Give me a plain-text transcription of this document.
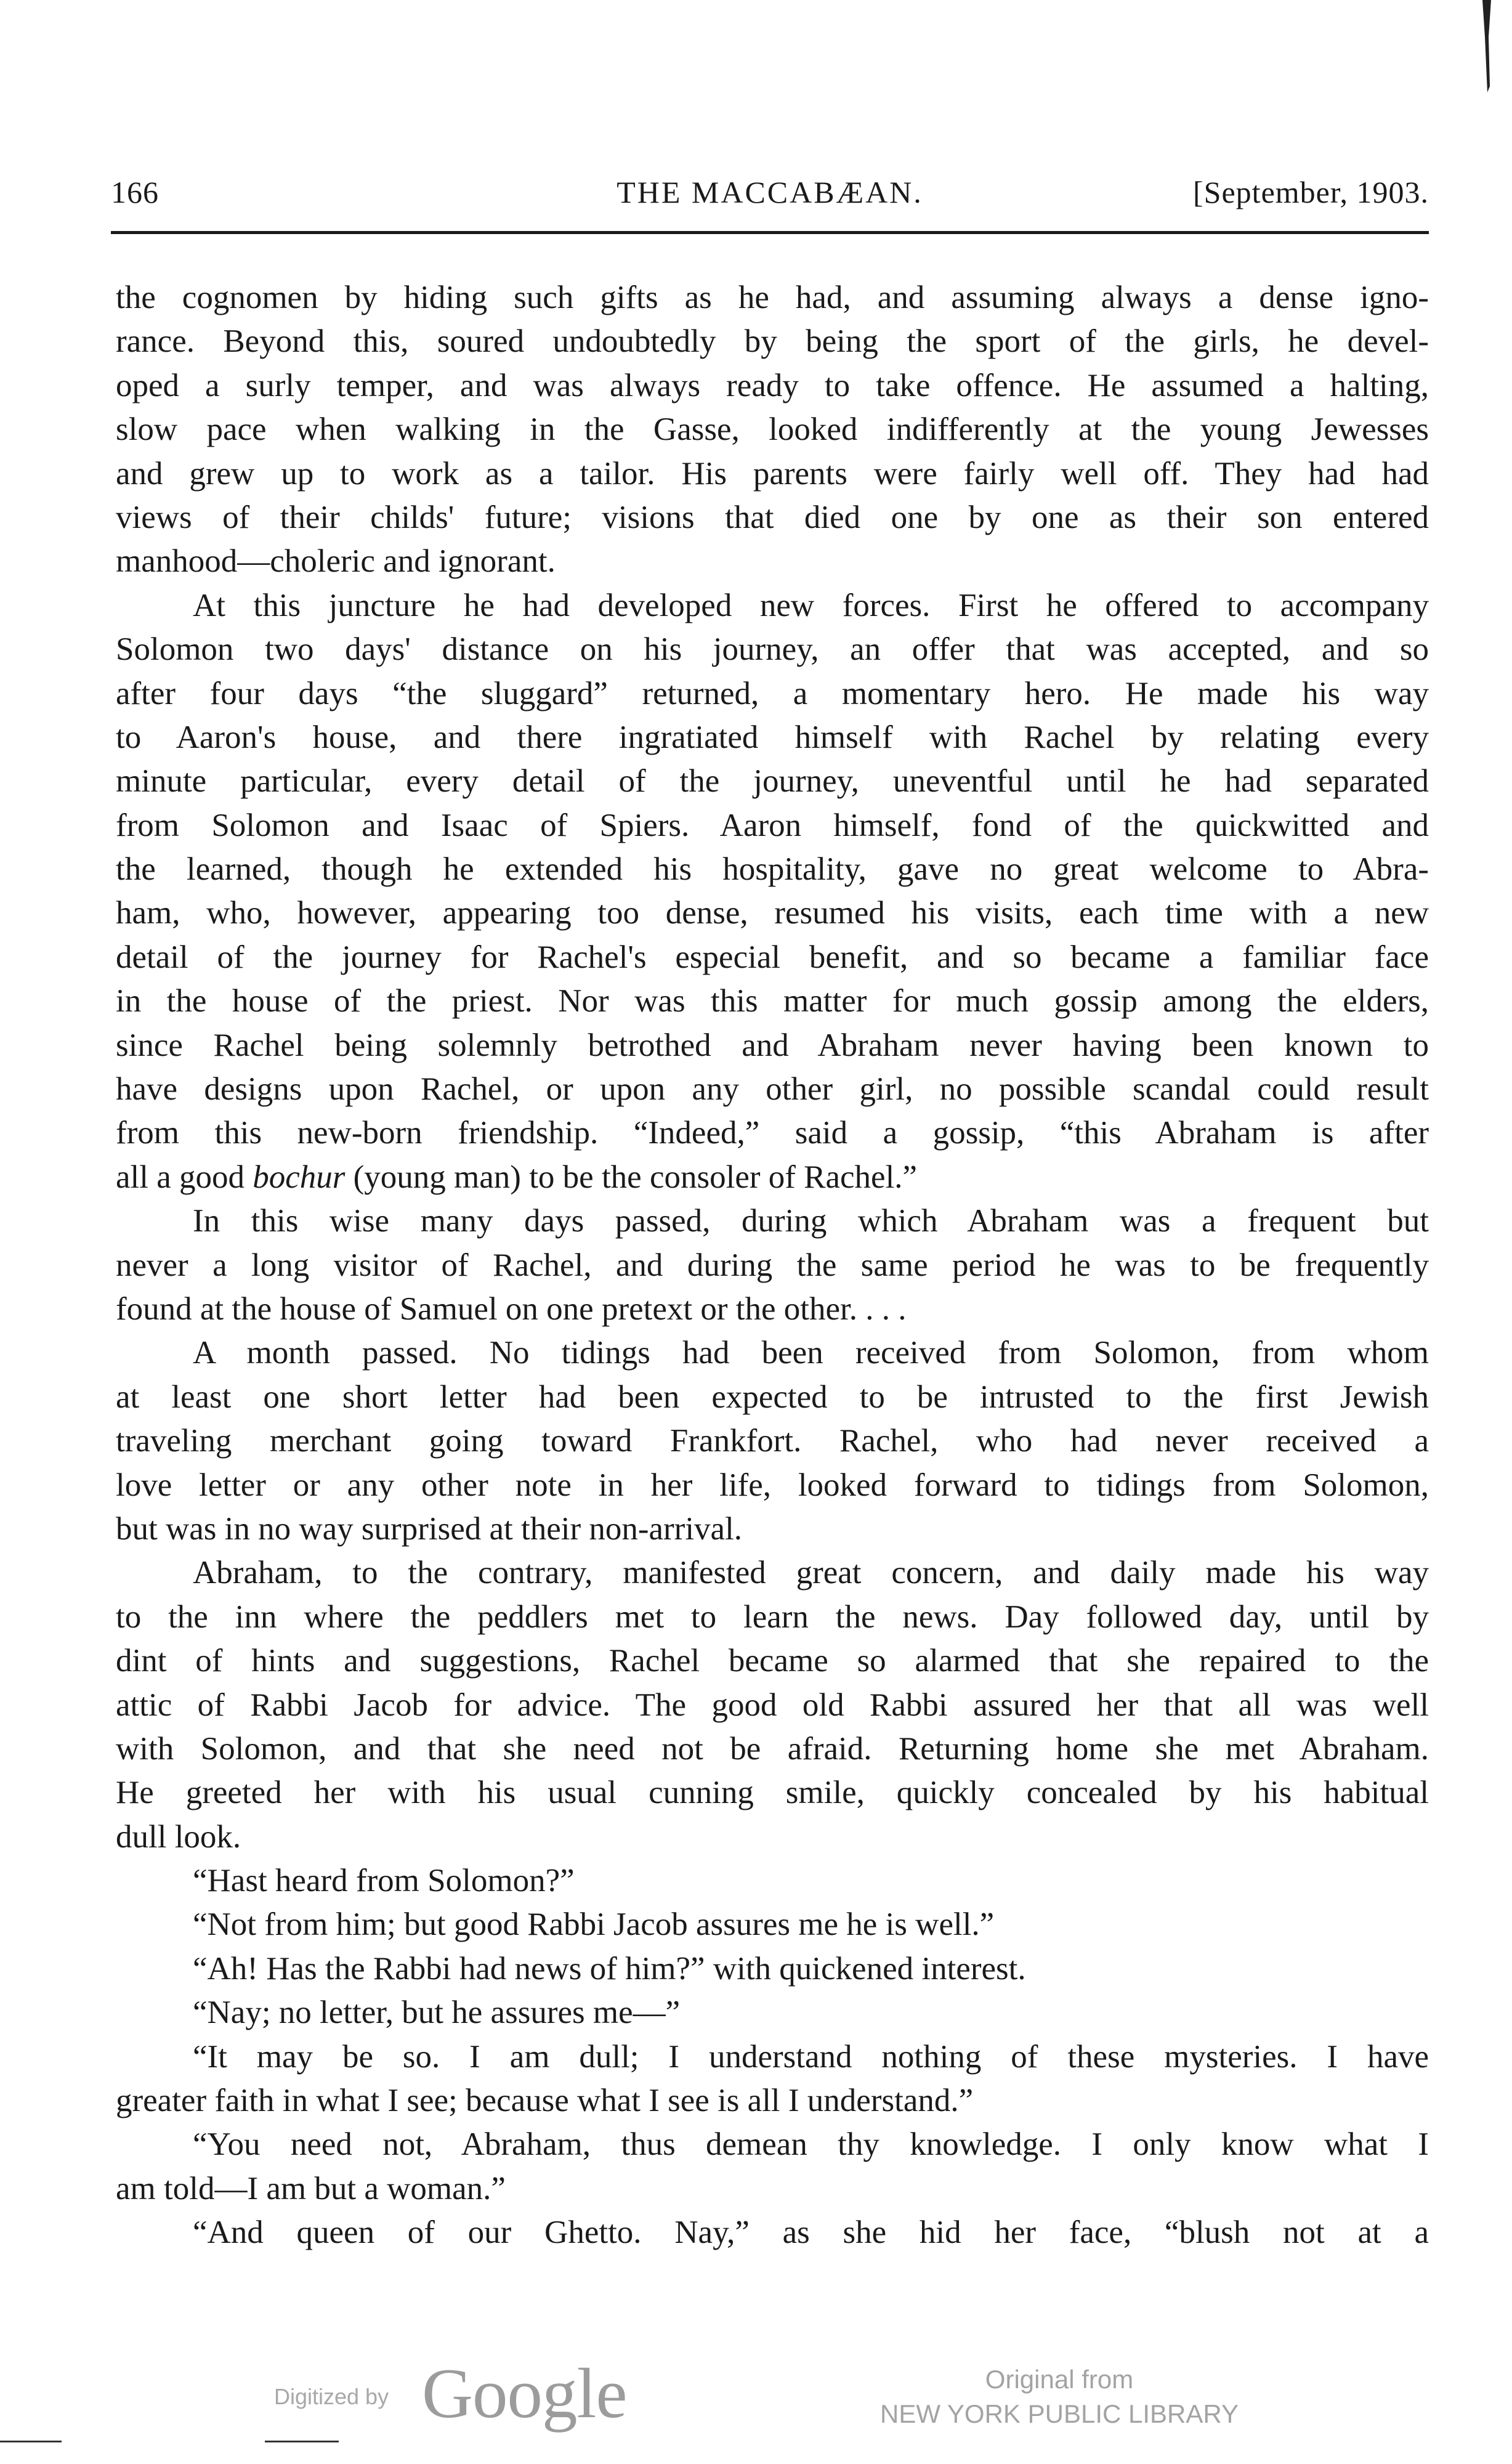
166	THE MACCABÆAN.	[September, 1903.
the cognomen by hiding such gifts as he had, and assuming always a dense igno-
rance. Beyond this, soured undoubtedly by being the sport of the girls, he devel-
oped a surly temper, and was always ready to take offence. He assumed a halting,
slow pace when walking in the Gasse, looked indifferently at the young Jewesses
and grew up to work as a tailor. His parents were fairly well off. They had had
views of their childs' future; visions that died one by one as their son entered
manhood—choleric and ignorant.
At this juncture he had developed new forces. First he offered to accompany
Solomon two days' distance on his journey, an offer that was accepted, and so
after four days “the sluggard” returned, a momentary hero. He made his way
to Aaron's house, and there ingratiated himself with Rachel by relating every
minute particular, every detail of the journey, uneventful until he had separated
from Solomon and Isaac of Spiers. Aaron himself, fond of the quickwitted and
the learned, though he extended his hospitality, gave no great welcome to Abra-
ham, who, however, appearing too dense, resumed his visits, each time with a new
detail of the journey for Rachel's especial benefit, and so became a familiar face
in the house of the priest. Nor was this matter for much gossip among the elders,
since Rachel being solemnly betrothed and Abraham never having been known to
have designs upon Rachel, or upon any other girl, no possible scandal could result
from this new-born friendship. “Indeed,” said a gossip, “this Abraham is after
all a good bochur (young man) to be the consoler of Rachel.”
In this wise many days passed, during which Abraham was a frequent but
never a long visitor of Rachel, and during the same period he was to be frequently
found at the house of Samuel on one pretext or the other. . . .
A month passed. No tidings had been received from Solomon, from whom
at least one short letter had been expected to be intrusted to the first Jewish
traveling merchant going toward Frankfort. Rachel, who had never received a
love letter or any other note in her life, looked forward to tidings from Solomon,
but was in no way surprised at their non-arrival.
Abraham, to the contrary, manifested great concern, and daily made his way
to the inn where the peddlers met to learn the news. Day followed day, until by
dint of hints and suggestions, Rachel became so alarmed that she repaired to the
attic of Rabbi Jacob for advice. The good old Rabbi assured her that all was well
with Solomon, and that she need not be afraid. Returning home she met Abraham.
He greeted her with his usual cunning smile, quickly concealed by his habitual
dull look.
“Hast heard from Solomon?”
“Not from him; but good Rabbi Jacob assures me he is well.”
“Ah! Has the Rabbi had news of him?” with quickened interest.
“Nay; no letter, but he assures me—”
“It may be so. I am dull; I understand nothing of these mysteries. I have
greater faith in what I see; because what I see is all I understand.”
“You need not, Abraham, thus demean thy knowledge. I only know what I
am told—I am but a woman.”
“And queen of our Ghetto. Nay,” as she hid her face, “blush not at a
Digitized by Google	Original from
NEW YORK PUBLIC LIBRARY
